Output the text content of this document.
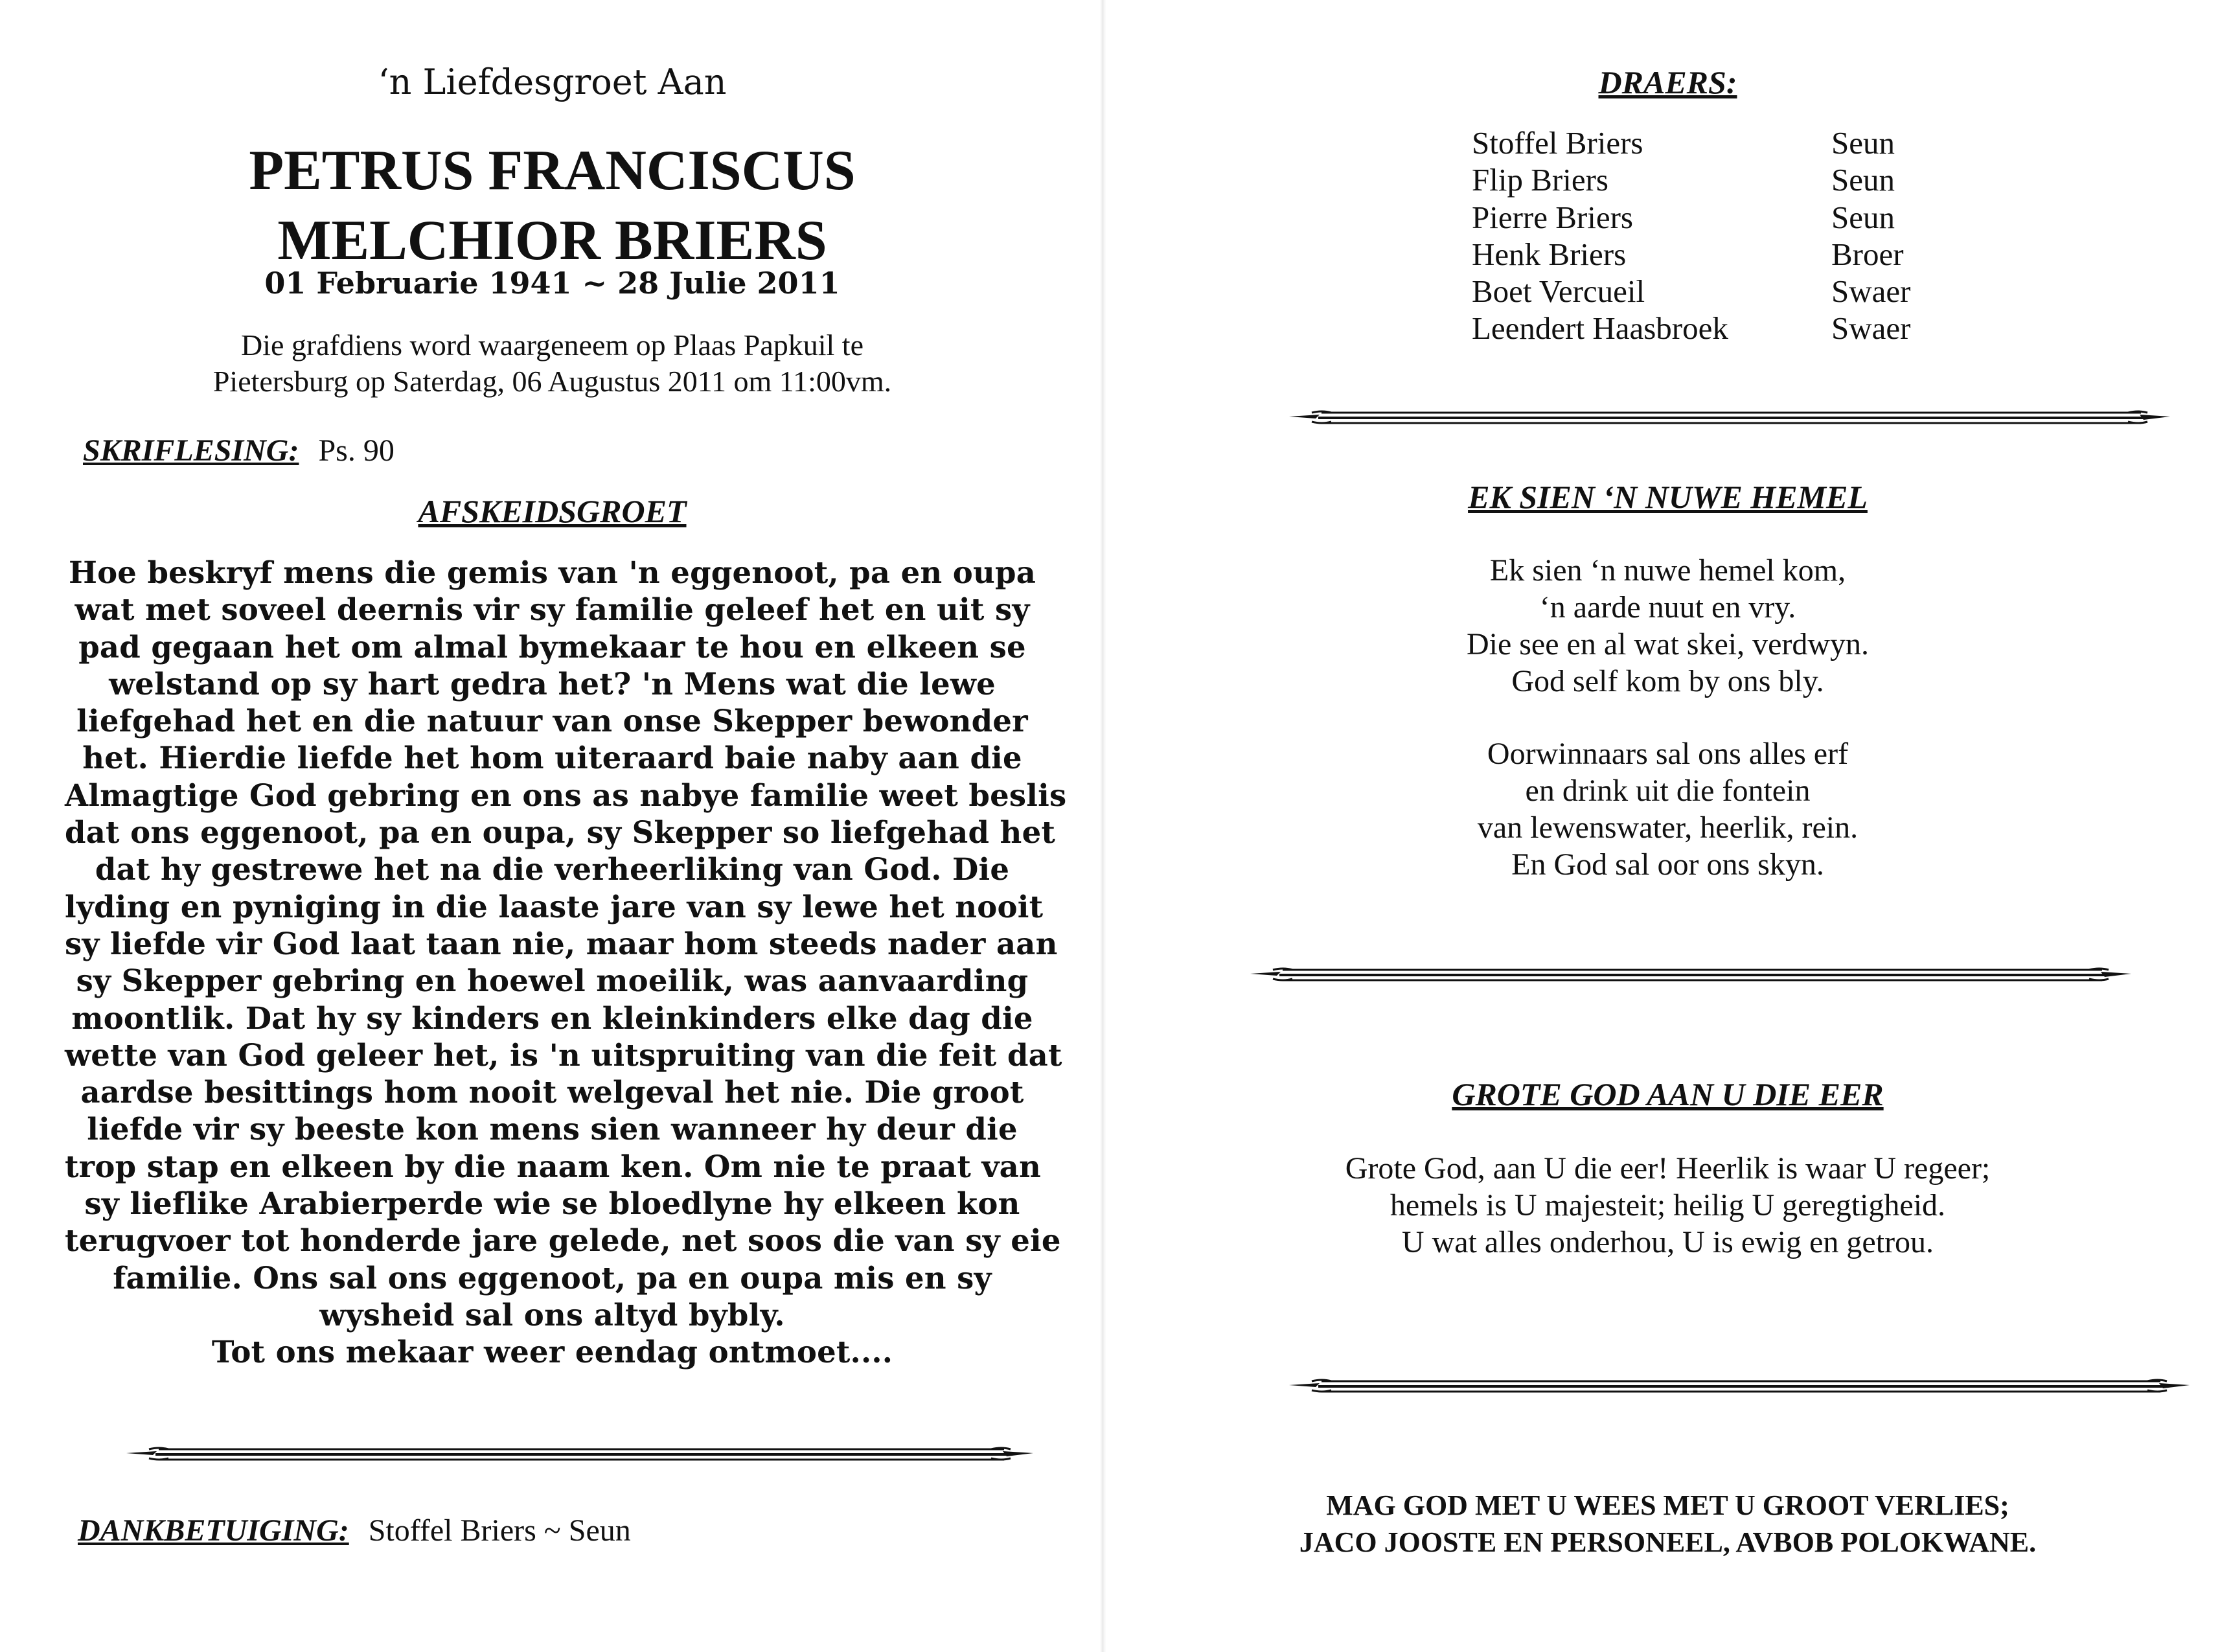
‘n Liefdesgroet Aan
PETRUS FRANCISCUS
MELCHIOR BRIERS
01 Februarie 1941 ~ 28 Julie 2011
Die grafdiens word waargeneem op Plaas Papkuil te
Pietersburg op Saterdag, 06 Augustus 2011 om 11:00vm.
SKRIFLESING: Ps. 90
AFSKEIDSGROET
Hoe beskryf mens die gemis van 'n eggenoot, pa en oupa
wat met soveel deernis vir sy familie geleef het en uit sy
pad gegaan het om almal bymekaar te hou en elkeen se
welstand op sy hart gedra het? 'n Mens wat die lewe
liefgehad het en die natuur van onse Skepper bewonder
het. Hierdie liefde het hom uiteraard baie naby aan die
Almagtige God gebring en ons as nabye familie weet beslis
dat ons eggenoot, pa en oupa, sy Skepper so liefgehad het
dat hy gestrewe het na die verheerliking van God. Die
lyding en pyniging in die laaste jare van sy lewe het nooit
sy liefde vir God laat taan nie, maar hom steeds nader aan
sy Skepper gebring en hoewel moeilik, was aanvaarding
moontlik. Dat hy sy kinders en kleinkinders elke dag die
wette van God geleer het, is 'n uitspruiting van die feit dat
aardse besittings hom nooit welgeval het nie. Die groot
liefde vir sy beeste kon mens sien wanneer hy deur die
trop stap en elkeen by die naam ken. Om nie te praat van
sy lieflike Arabierperde wie se bloedlyne hy elkeen kon
terugvoer tot honderde jare gelede, net soos die van sy eie
familie. Ons sal ons eggenoot, pa en oupa mis en sy
wysheid sal ons altyd bybly.
Tot ons mekaar weer eendag ontmoet....
DANKBETUIGING: Stoffel Briers ~ Seun
DRAERS:
Stoffel Briers	Seun
Flip Briers	Seun
Pierre Briers	Seun
Henk Briers	Broer
Boet Vercueil	Swaer
Leendert Haasbroek	Swaer
EK SIEN ‘N NUWE HEMEL
Ek sien ‘n nuwe hemel kom,
‘n aarde nuut en vry.
Die see en al wat skei, verdwyn.
God self kom by ons bly.
Oorwinnaars sal ons alles erf
en drink uit die fontein
van lewenswater, heerlik, rein.
En God sal oor ons skyn.
GROTE GOD AAN U DIE EER
Grote God, aan U die eer! Heerlik is waar U regeer;
hemels is U majesteit; heilig U geregtigheid.
U wat alles onderhou, U is ewig en getrou.
MAG GOD MET U WEES MET U GROOT VERLIES;
JACO JOOSTE EN PERSONEEL, AVBOB POLOKWANE.
